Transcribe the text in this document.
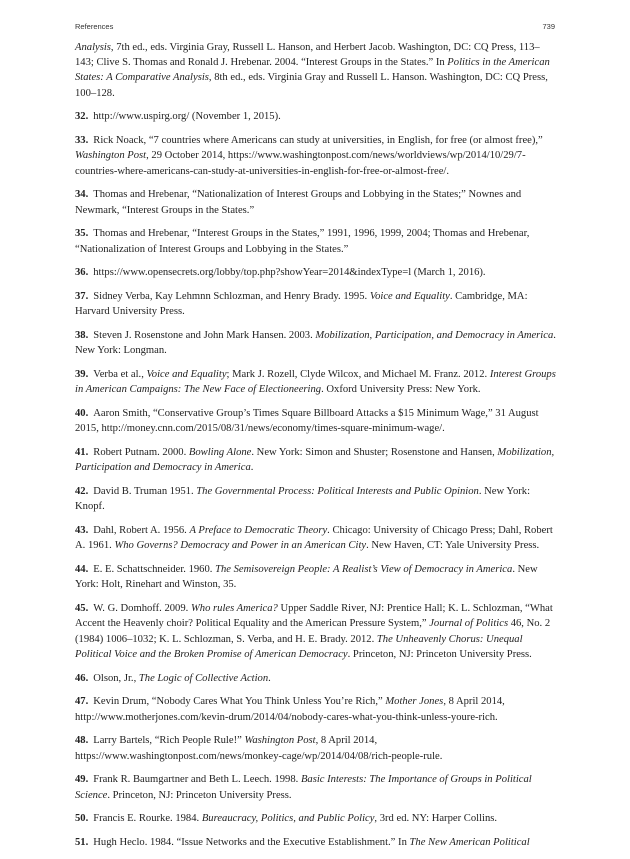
References	739

Analysis, 7th ed., eds. Virginia Gray, Russell L. Hanson, and Herbert Jacob. Washington, DC: CQ Press, 113–143; Clive S. Thomas and Ronald J. Hrebenar. 2004. “Interest Groups in the States.” In Politics in the American States: A Comparative Analysis, 8th ed., eds. Virginia Gray and Russell L. Hanson. Washington, DC: CQ Press, 100–128.

32. http://www.uspirg.org/ (November 1, 2015).

33. Rick Noack, “7 countries where Americans can study at universities, in English, for free (or almost free),” Washington Post, 29 October 2014, https://www.washingtonpost.com/news/worldviews/wp/2014/10/29/7-countries-where-americans-can-study-at-universities-in-english-for-free-or-almost-free/.

34. Thomas and Hrebenar, “Nationalization of Interest Groups and Lobbying in the States;” Nownes and Newmark, “Interest Groups in the States.”

35. Thomas and Hrebenar, “Interest Groups in the States,” 1991, 1996, 1999, 2004; Thomas and Hrebenar, “Nationalization of Interest Groups and Lobbying in the States.”

36. https://www.opensecrets.org/lobby/top.php?showYear=2014&indexType=l (March 1, 2016).

37. Sidney Verba, Kay Lehmnn Schlozman, and Henry Brady. 1995. Voice and Equality. Cambridge, MA: Harvard University Press.

38. Steven J. Rosenstone and John Mark Hansen. 2003. Mobilization, Participation, and Democracy in America. New York: Longman.

39. Verba et al., Voice and Equality; Mark J. Rozell, Clyde Wilcox, and Michael M. Franz. 2012. Interest Groups in American Campaigns: The New Face of Electioneering. Oxford University Press: New York.

40. Aaron Smith, “Conservative Group’s Times Square Billboard Attacks a $15 Minimum Wage,” 31 August 2015, http://money.cnn.com/2015/08/31/news/economy/times-square-minimum-wage/.

41. Robert Putnam. 2000. Bowling Alone. New York: Simon and Shuster; Rosenstone and Hansen, Mobilization, Participation and Democracy in America.

42. David B. Truman 1951. The Governmental Process: Political Interests and Public Opinion. New York: Knopf.

43. Dahl, Robert A. 1956. A Preface to Democratic Theory. Chicago: University of Chicago Press; Dahl, Robert A. 1961. Who Governs? Democracy and Power in an American City. New Haven, CT: Yale University Press.

44. E. E. Schattschneider. 1960. The Semisovereign People: A Realist’s View of Democracy in America. New York: Holt, Rinehart and Winston, 35.

45. W. G. Domhoff. 2009. Who rules America? Upper Saddle River, NJ: Prentice Hall; K. L. Schlozman, “What Accent the Heavenly choir? Political Equality and the American Pressure System,” Journal of Politics 46, No. 2 (1984) 1006–1032; K. L. Schlozman, S. Verba, and H. E. Brady. 2012. The Unheavenly Chorus: Unequal Political Voice and the Broken Promise of American Democracy. Princeton, NJ: Princeton University Press.

46. Olson, Jr., The Logic of Collective Action.

47. Kevin Drum, “Nobody Cares What You Think Unless You’re Rich,” Mother Jones, 8 April 2014, http://www.motherjones.com/kevin-drum/2014/04/nobody-cares-what-you-think-unless-youre-rich.

48. Larry Bartels, “Rich People Rule!” Washington Post, 8 April 2014, https://www.washingtonpost.com/news/monkey-cage/wp/2014/04/08/rich-people-rule.

49. Frank R. Baumgartner and Beth L. Leech. 1998. Basic Interests: The Importance of Groups in Political Science. Princeton, NJ: Princeton University Press.

50. Francis E. Rourke. 1984. Bureaucracy, Politics, and Public Policy, 3rd ed. NY: Harper Collins.

51. Hugh Heclo. 1984. “Issue Networks and the Executive Establishment.” In The New American Political
